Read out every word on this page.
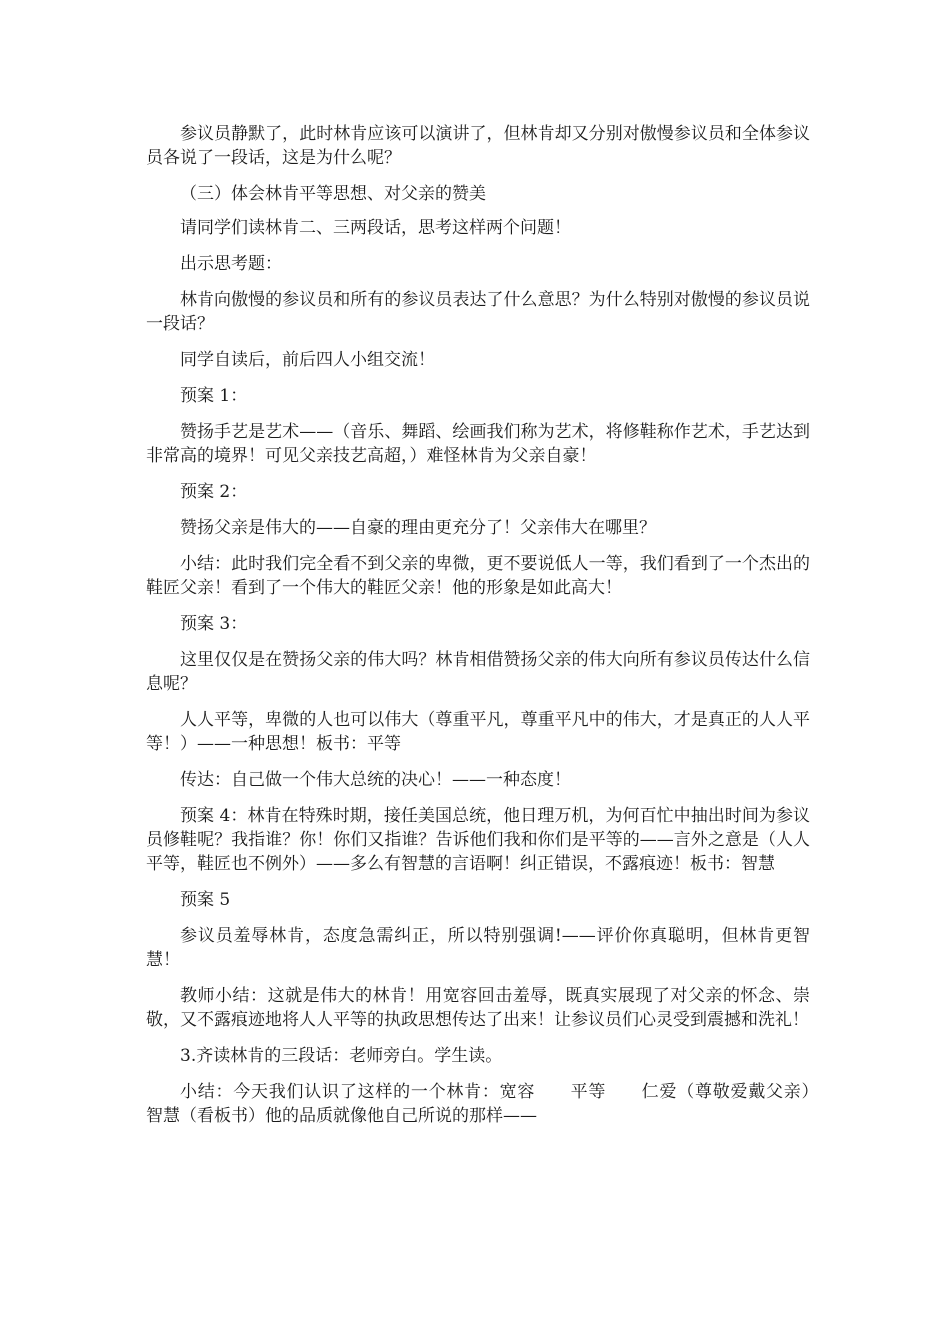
参议员静默了，此时林肯应该可以演讲了，但林肯却又分别对傲慢参议员和全体参议员各说了一段话，这是为什么呢？

（三）体会林肯平等思想、对父亲的赞美

请同学们读林肯二、三两段话，思考这样两个问题！

出示思考题：

林肯向傲慢的参议员和所有的参议员表达了什么意思？为什么特别对傲慢的参议员说一段话？

同学自读后，前后四人小组交流！

预案 1：

赞扬手艺是艺术——（音乐、舞蹈、绘画我们称为艺术，将修鞋称作艺术，手艺达到非常高的境界！可见父亲技艺高超，）难怪林肯为父亲自豪！

预案 2：

赞扬父亲是伟大的——自豪的理由更充分了！父亲伟大在哪里？

小结：此时我们完全看不到父亲的卑微，更不要说低人一等，我们看到了一个杰出的鞋匠父亲！看到了一个伟大的鞋匠父亲！他的形象是如此高大！

预案 3：

这里仅仅是在赞扬父亲的伟大吗？林肯相借赞扬父亲的伟大向所有参议员传达什么信息呢？

人人平等，卑微的人也可以伟大（尊重平凡，尊重平凡中的伟大，才是真正的人人平等！）——一种思想！板书：平等

传达：自己做一个伟大总统的决心！——一种态度！

预案 4：林肯在特殊时期，接任美国总统，他日理万机，为何百忙中抽出时间为参议员修鞋呢？我指谁？你！你们又指谁？告诉他们我和你们是平等的——言外之意是（人人平等，鞋匠也不例外）——多么有智慧的言语啊！纠正错误，不露痕迹！板书：智慧

预案 5

参议员羞辱林肯，态度急需纠正，所以特别强调!——评价你真聪明，但林肯更智慧！

教师小结：这就是伟大的林肯！用宽容回击羞辱，既真实展现了对父亲的怀念、崇敬，又不露痕迹地将人人平等的执政思想传达了出来！让参议员们心灵受到震撼和洗礼！

3.齐读林肯的三段话：老师旁白。学生读。

小结：今天我们认识了这样的一个林肯：宽容　　平等　　仁爱（尊敬爱戴父亲）　智慧（看板书）他的品质就像他自己所说的那样——
